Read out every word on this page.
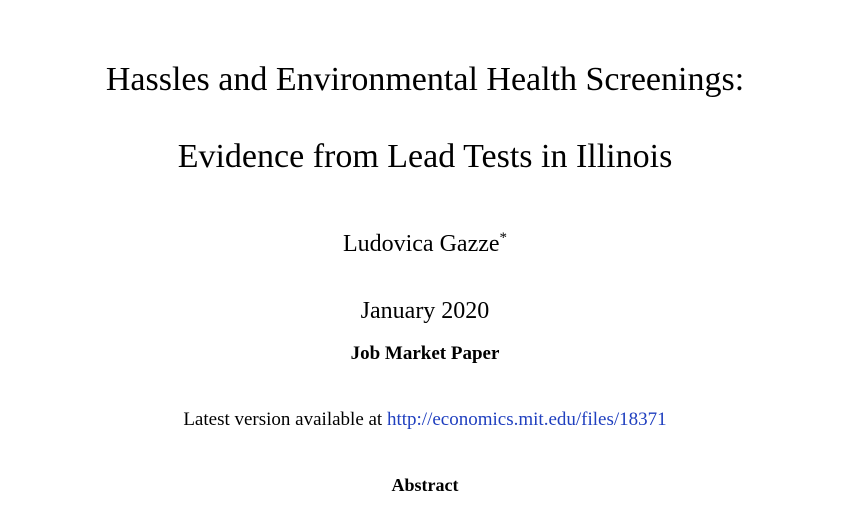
Hassles and Environmental Health Screenings:
Evidence from Lead Tests in Illinois
Ludovica Gazze*
January 2020
Job Market Paper
Latest version available at http://economics.mit.edu/files/18371
Abstract
